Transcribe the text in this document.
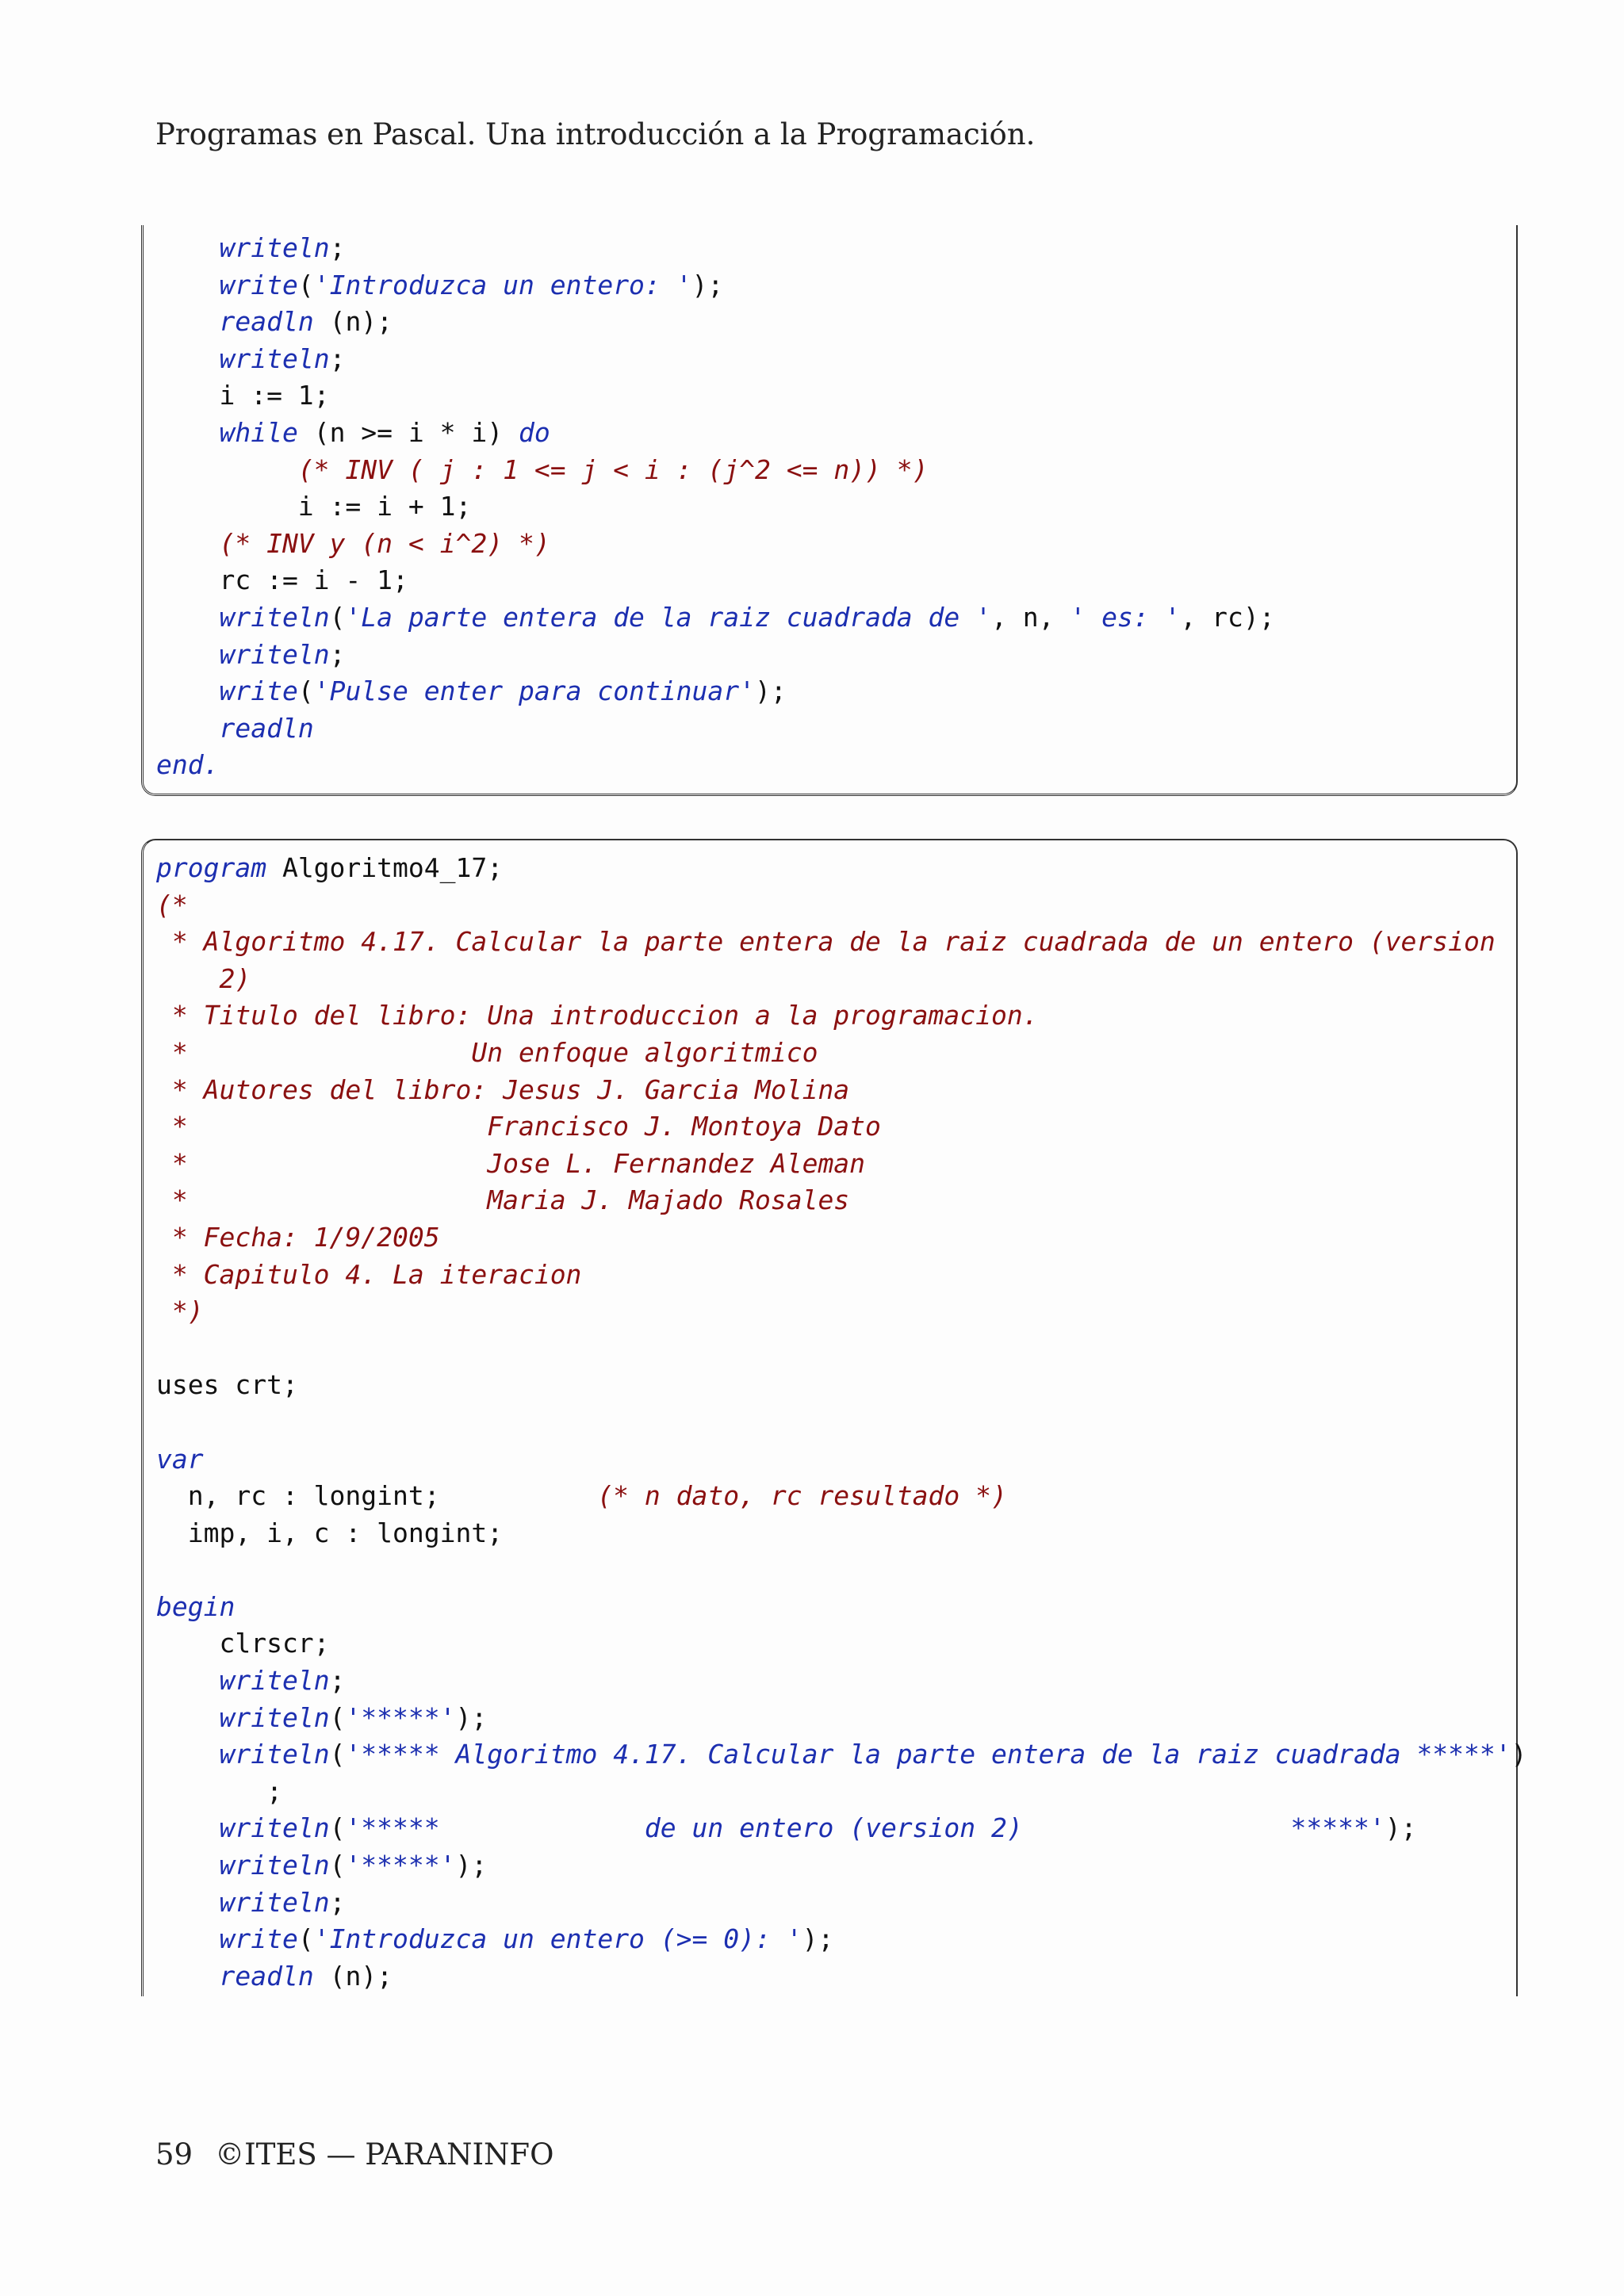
Programas en Pascal. Una introducción a la Programación.
writeln;
write('Introduzca un entero: ');
readln (n);
writeln;
i := 1;
while (n >= i * i) do
(* INV ( j : 1 <= j < i : (j^2 <= n)) *)
i := i + 1;
(* INV y (n < i^2) *)
rc := i - 1;
writeln('La parte entera de la raiz cuadrada de ', n, ' es: ', rc);
writeln;
write('Pulse enter para continuar');
readln
end.
program Algoritmo4_17;
(*
* Algoritmo 4.17. Calcular la parte entera de la raiz cuadrada de un entero (version
2)
* Titulo del libro: Una introduccion a la programacion.
*                  Un enfoque algoritmico
* Autores del libro: Jesus J. Garcia Molina
*                   Francisco J. Montoya Dato
*                   Jose L. Fernandez Aleman
*                   Maria J. Majado Rosales
* Fecha: 1/9/2005
* Capitulo 4. La iteracion
*)
uses crt;
var
n, rc : longint;          (* n dato, rc resultado *)
imp, i, c : longint;
begin
clrscr;
writeln;
writeln('*****');
writeln('***** Algoritmo 4.17. Calcular la parte entera de la raiz cuadrada *****')
;
writeln('*****             de un entero (version 2)                 *****');
writeln('*****');
writeln;
write('Introduzca un entero (>= 0): ');
readln (n);
59 ©ITES — PARANINFO
